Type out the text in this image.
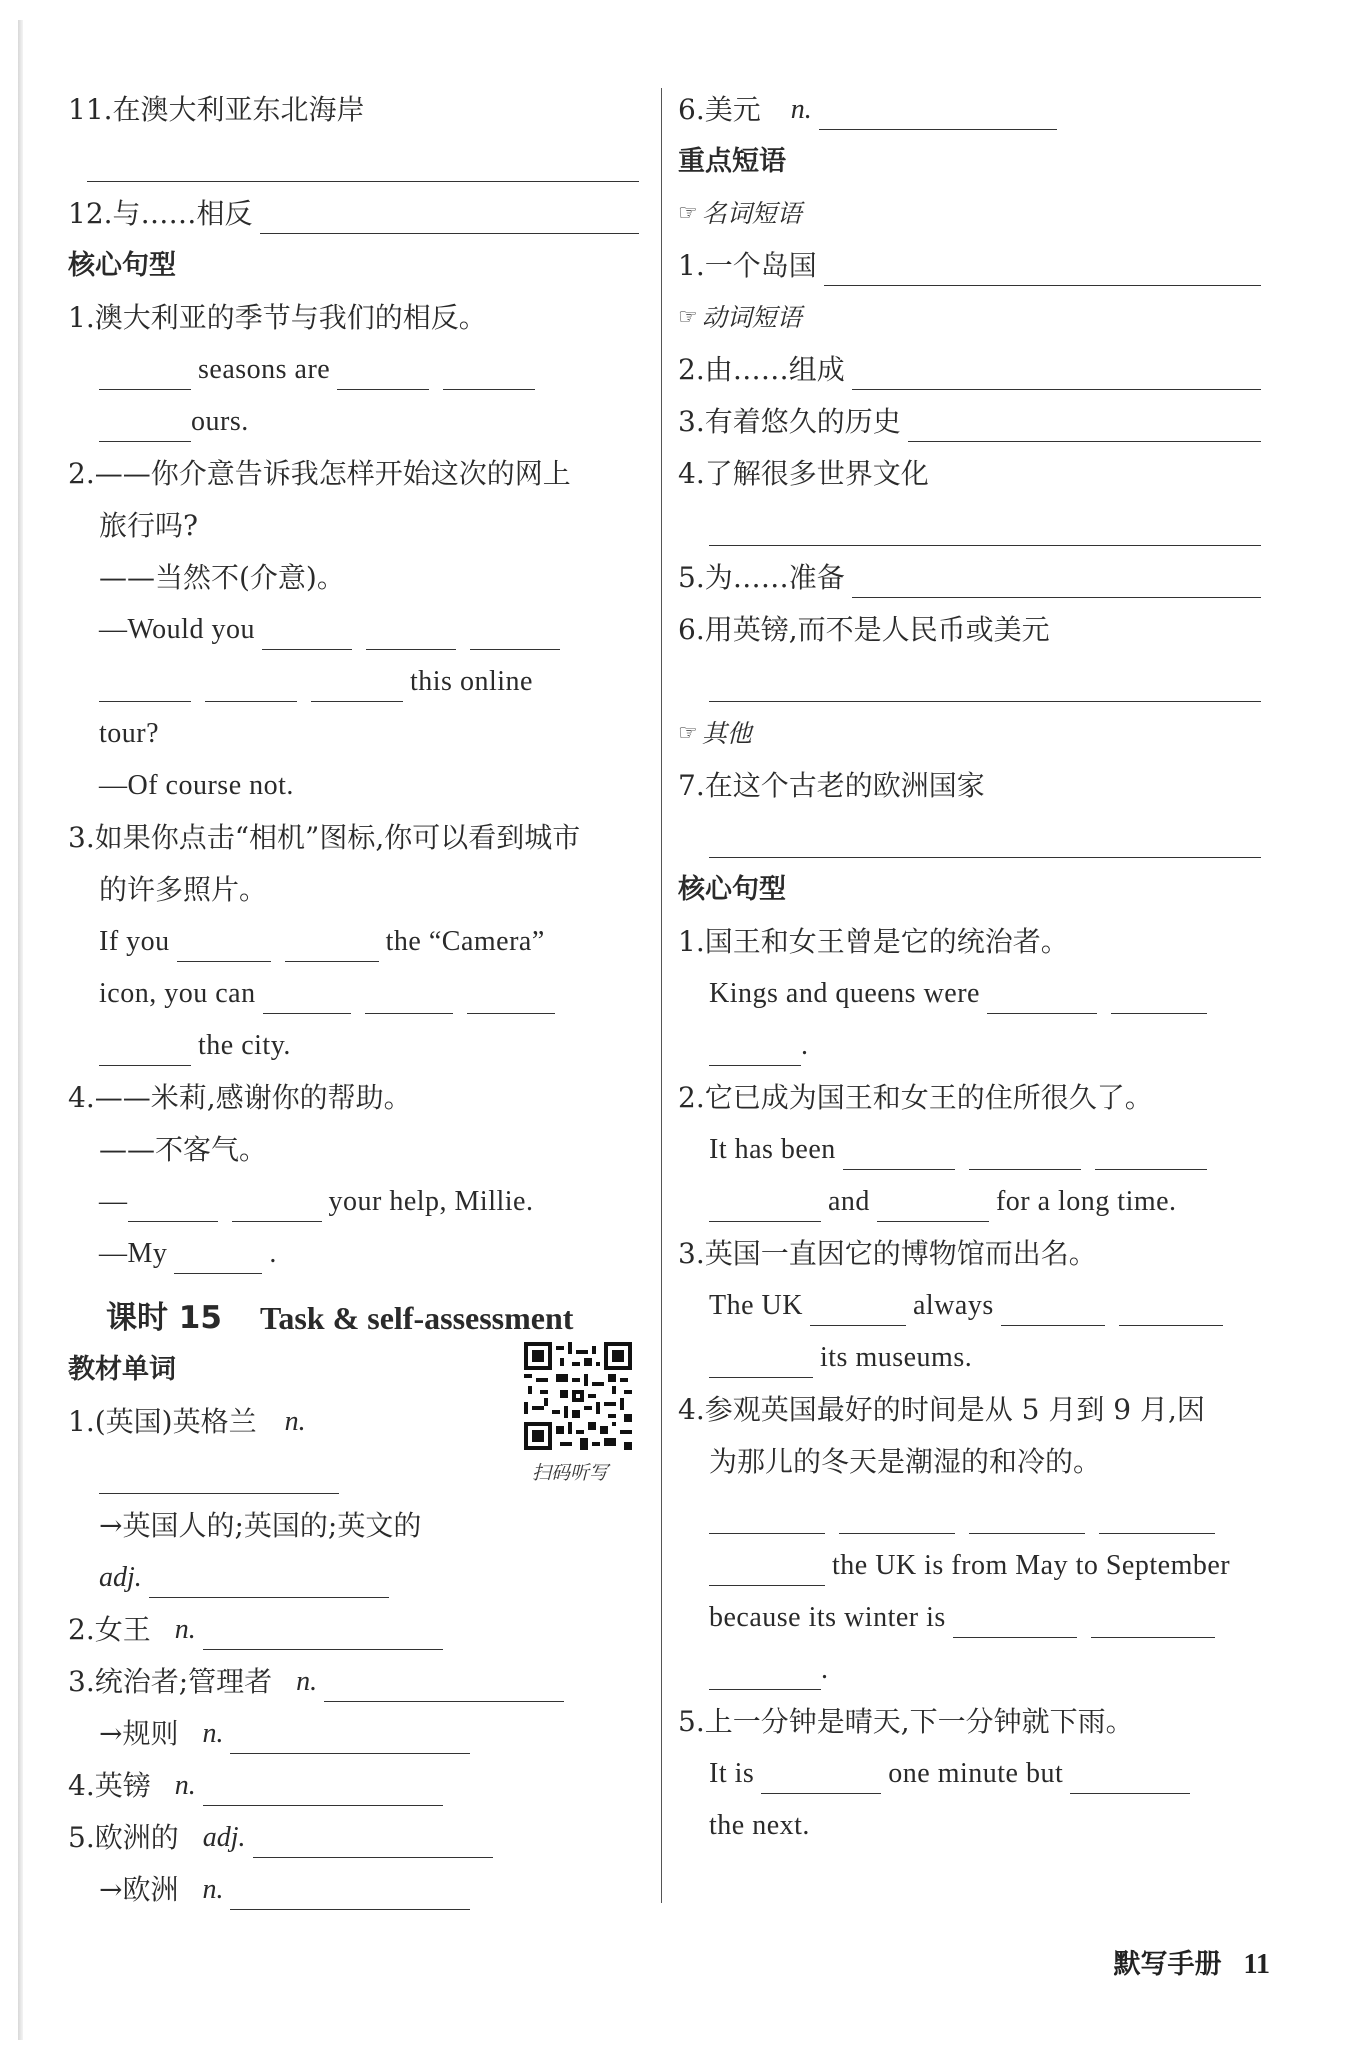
11. 在澳大利亚东北海岸
12. 与……相反
核心句型
1. 澳大利亚的季节与我们的相反。
seasons are
ours.
2. ——你介意告诉我怎样开始这次的网上
旅行吗?
——当然不(介意)。
—Would you
this online
tour?
—Of course not.
3. 如果你点击“相机”图标,你可以看到城市
的许多照片。
If you	the “Camera”
icon, you can
the city.
4. ——米莉,感谢你的帮助。
——不客气。
—	your help, Millie.
—My	.
课时 15 Task & self-assessment
教材单词
1. (英国)英格兰 n.
→英国人的;英国的;英文的
adj.
2. 女王 n.
3. 统治者;管理者 n.
→规则 n.
4. 英镑 n.
5. 欧洲的 adj.
→欧洲 n.
扫码听写
6. 美元 n.
重点短语
☞ 名词短语
1. 一个岛国
☞ 动词短语
2. 由……组成
3. 有着悠久的历史
4. 了解很多世界文化
5. 为……准备
6. 用英镑,而不是人民币或美元
☞ 其他
7. 在这个古老的欧洲国家
核心句型
1. 国王和女王曾是它的统治者。
Kings and queens were
.
2. 它已成为国王和女王的住所很久了。
It has been
and	for a long time.
3. 英国一直因它的博物馆而出名。
The UK	always
its museums.
4. 参观英国最好的时间是从 5 月到 9 月,因
为那儿的冬天是潮湿的和冷的。
the UK is from May to September
because its winter is
.
5. 上一分钟是晴天,下一分钟就下雨。
It is	one minute but
the next.
默写手册 11
